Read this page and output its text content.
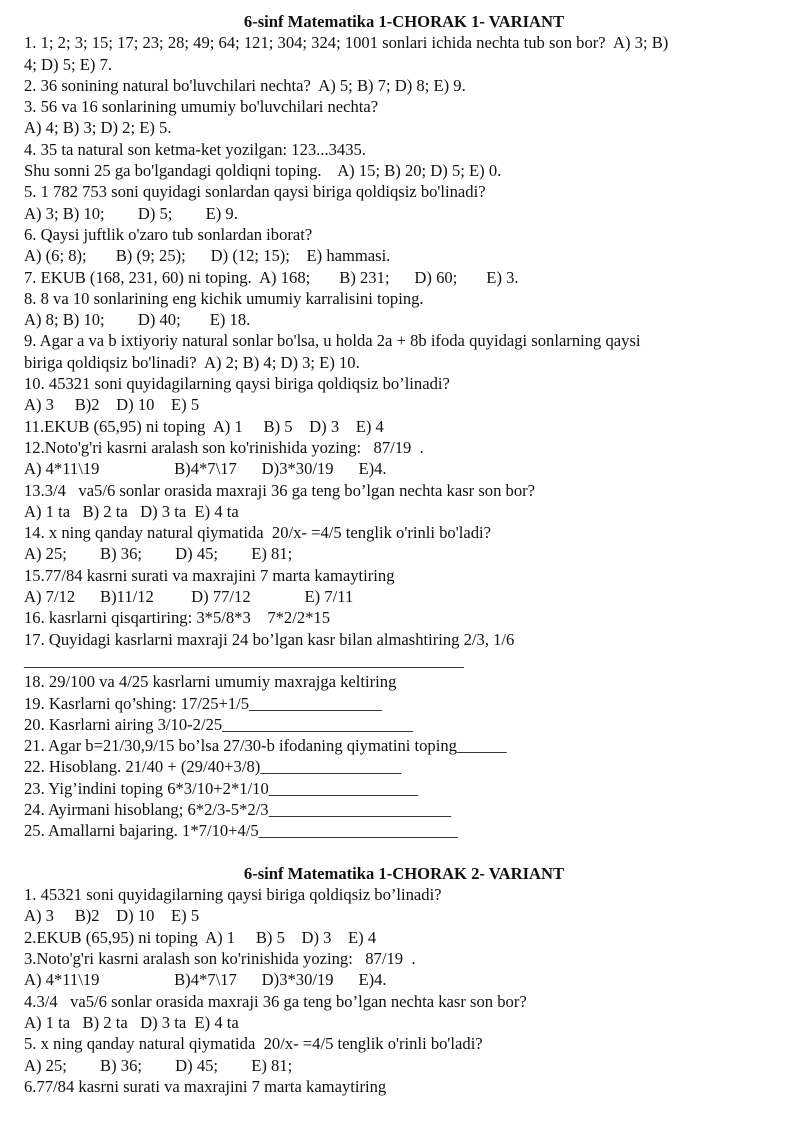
6-sinf Matematika 1-CHORAK 1- VARIANT
1. 1; 2; 3; 15; 17; 23; 28; 49; 64; 121; 304; 324; 1001 sonlari ichida nechta tub son bor?  A) 3; B)
4; D) 5; E) 7.
2. 36 sonining natural bo'luvchilari nechta?  A) 5; B) 7; D) 8; E) 9.
3. 56 va 16 sonlarining umumiy bo'luvchilari nechta?
A) 4; B) 3; D) 2; E) 5.
4. 35 ta natural son ketma-ket yozilgan: 123...3435.
Shu sonni 25 ga bo'lgandagi qoldiqni toping.    A) 15; B) 20; D) 5; E) 0.
5. 1 782 753 soni quyidagi sonlardan qaysi biriga qoldiqsiz bo'linadi?
A) 3; B) 10;        D) 5;        E) 9.
6. Qaysi juftlik o'zaro tub sonlardan iborat?
A) (6; 8);       B) (9; 25);      D) (12; 15);    E) hammasi.
7. EKUB (168, 231, 60) ni toping.  A) 168;       B) 231;      D) 60;       E) 3.
8. 8 va 10 sonlarining eng kichik umumiy karralisini toping.
A) 8; B) 10;        D) 40;       E) 18.
9. Agar a va b ixtiyoriy natural sonlar bo'lsa, u holda 2a + 8b ifoda quyidagi sonlarning qaysi
biriga qoldiqsiz bo'linadi?  A) 2; B) 4; D) 3; E) 10.
10. 45321 soni quyidagilarning qaysi biriga qoldiqsiz bo’linadi?
A) 3     B)2    D) 10    E) 5
11.EKUB (65,95) ni toping  A) 1     B) 5    D) 3    E) 4
12.Noto'g'ri kasrni aralash son ko'rinishida yozing:   87/19  .
A) 4*11\19                  B)4*7\17      D)3*30/19      E)4.
13.3/4   va5/6 sonlar orasida maxraji 36 ga teng bo’lgan nechta kasr son bor?
A) 1 ta   B) 2 ta   D) 3 ta  E) 4 ta
14. x ning qanday natural qiymatida  20/x- =4/5 tenglik o'rinli bo'ladi?
A) 25;        B) 36;        D) 45;        E) 81;
15.77/84 kasrni surati va maxrajini 7 marta kamaytiring
A) 7/12      B)11/12         D) 77/12             E) 7/11
16. kasrlarni qisqartiring: 3*5/8*3    7*2/2*15
17. Quyidagi kasrlarni maxraji 24 bo’lgan kasr bilan almashtiring 2/3, 1/6
_____________________________________________________
18. 29/100 va 4/25 kasrlarni umumiy maxrajga keltiring
19. Kasrlarni qo’shing: 17/25+1/5________________
20. Kasrlarni airing 3/10-2/25_______________________
21. Agar b=21/30,9/15 bo’lsa 27/30-b ifodaning qiymatini toping______
22. Hisoblang. 21/40 + (29/40+3/8)_________________
23. Yig’indini toping 6*3/10+2*1/10__________________
24. Ayirmani hisoblang; 6*2/3-5*2/3______________________
25. Amallarni bajaring. 1*7/10+4/5________________________
6-sinf Matematika 1-CHORAK 2- VARIANT
1. 45321 soni quyidagilarning qaysi biriga qoldiqsiz bo’linadi?
A) 3     B)2    D) 10    E) 5
2.EKUB (65,95) ni toping  A) 1     B) 5    D) 3    E) 4
3.Noto'g'ri kasrni aralash son ko'rinishida yozing:   87/19  .
A) 4*11\19                  B)4*7\17      D)3*30/19      E)4.
4.3/4   va5/6 sonlar orasida maxraji 36 ga teng bo’lgan nechta kasr son bor?
A) 1 ta   B) 2 ta   D) 3 ta  E) 4 ta
5. x ning qanday natural qiymatida  20/x- =4/5 tenglik o'rinli bo'ladi?
A) 25;        B) 36;        D) 45;        E) 81;
6.77/84 kasrni surati va maxrajini 7 marta kamaytiring
